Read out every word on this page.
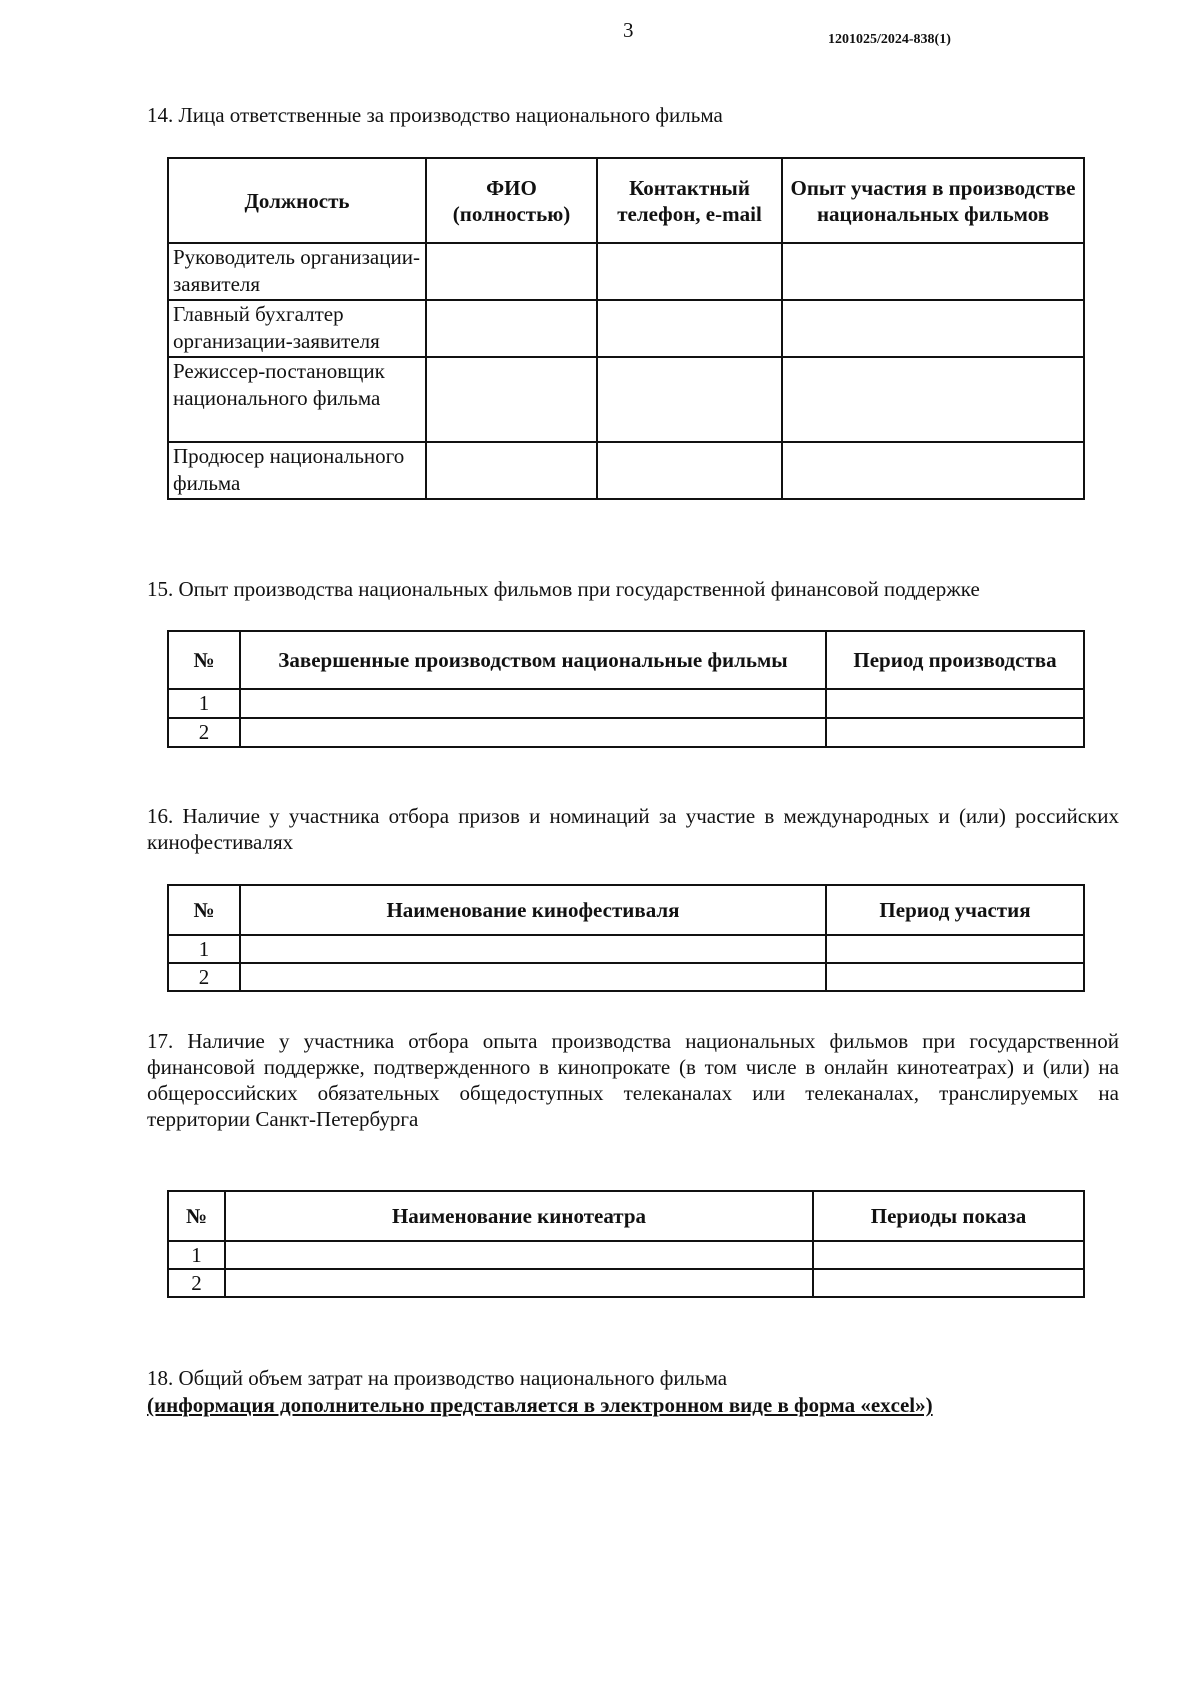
3	1201025/2024-838(1)
14. Лица ответственные за производство национального фильма
Должность	ФИО (полностью)	Контактный телефон, e-mail	Опыт участия в производстве национальных фильмов
Руководитель организации-заявителя			
Главный бухгалтер организации-заявителя			
Режиссер-постановщик национального фильма			
Продюсер национального фильма			
15. Опыт производства национальных фильмов при государственной финансовой поддержке
№	Завершенные производством национальные фильмы	Период производства
1		
2		
16. Наличие у участника отбора призов и номинаций за участие в международных и (или) российских кинофестивалях
№	Наименование кинофестиваля	Период участия
1		
2		
17. Наличие у участника отбора опыта производства национальных фильмов при государственной финансовой поддержке, подтвержденного в кинопрокате (в том числе в онлайн кинотеатрах) и (или) на общероссийских обязательных общедоступных телеканалах или телеканалах, транслируемых на территории Санкт-Петербурга
№	Наименование кинотеатра	Периоды показа
1		
2		
18. Общий объем затрат на производство национального фильма
(информация дополнительно представляется в электронном виде в форма «excel»)
